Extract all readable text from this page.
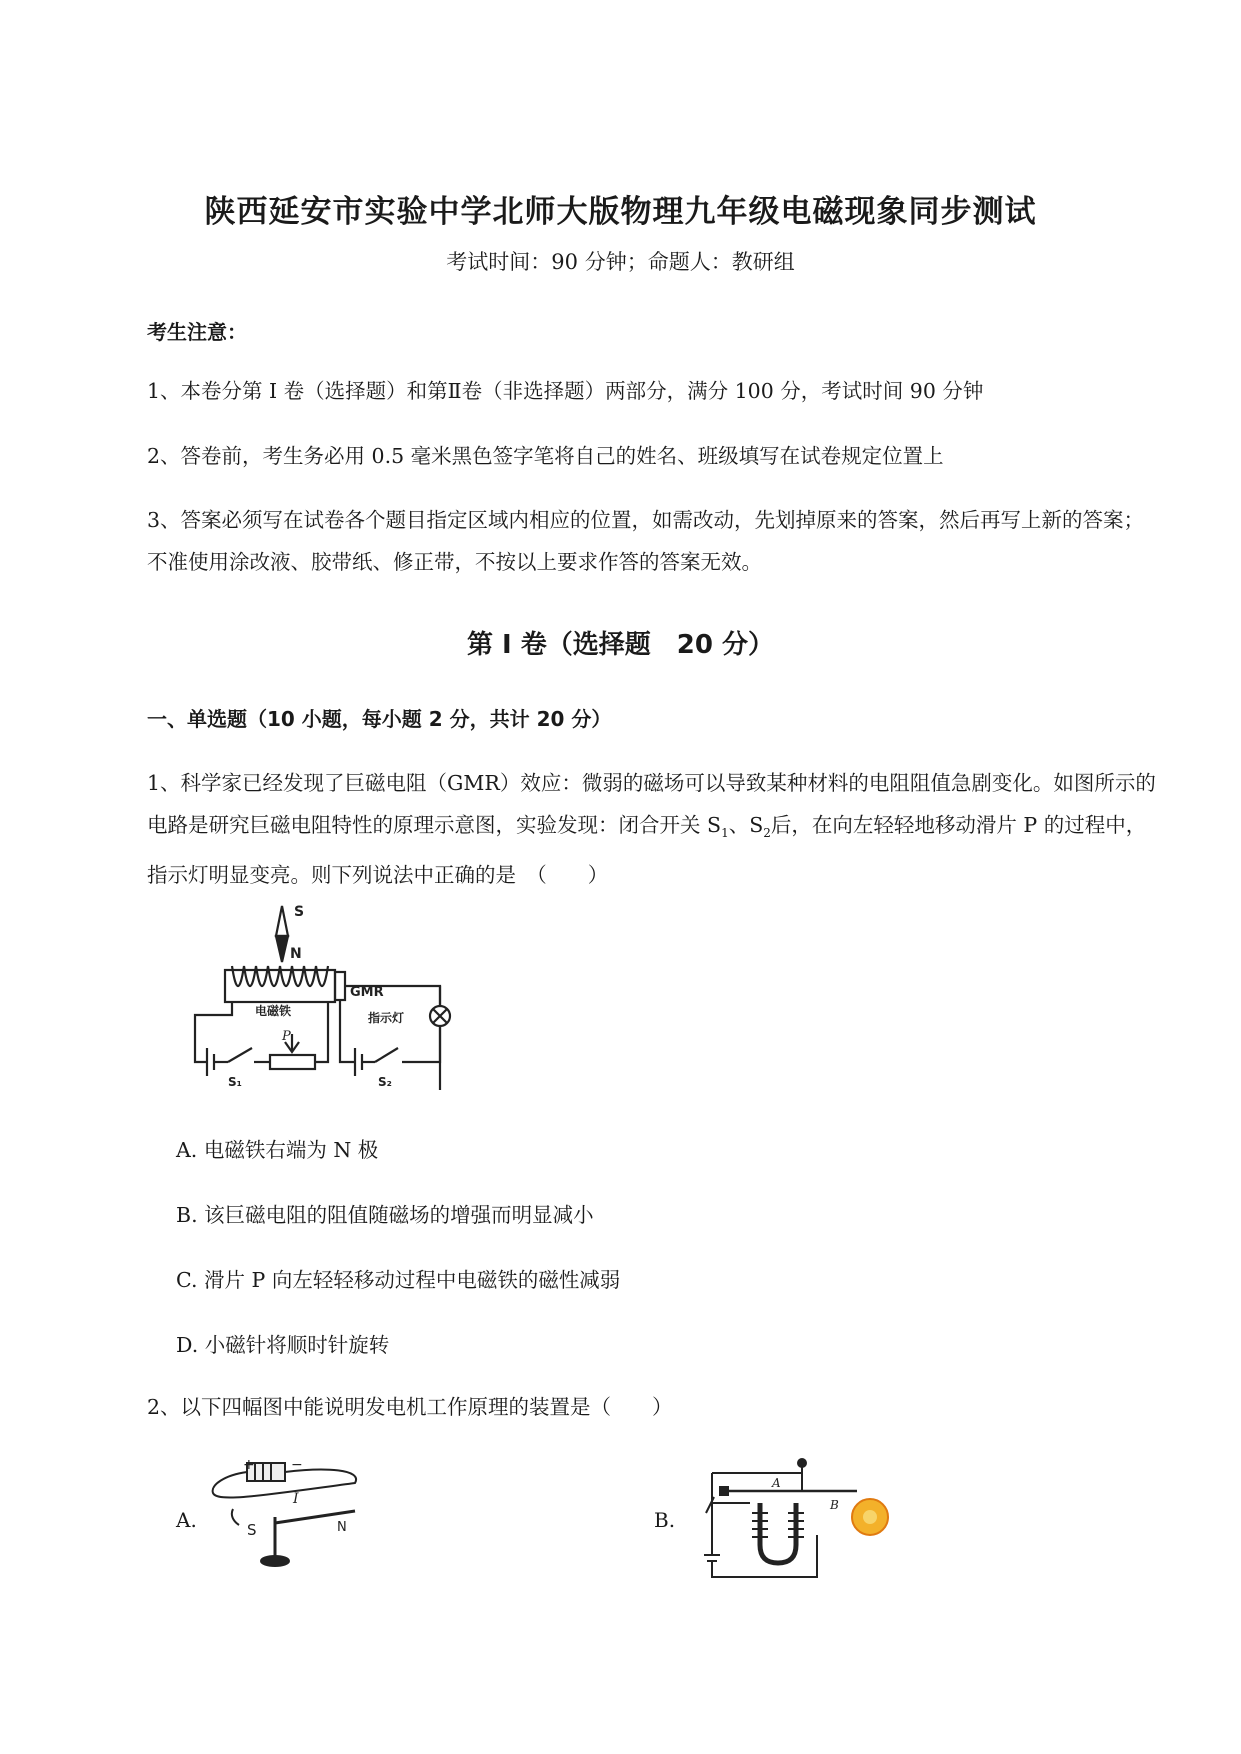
陕西延安市实验中学北师大版物理九年级电磁现象同步测试
考试时间：90 分钟；命题人：教研组
考生注意：
1、本卷分第 I 卷（选择题）和第Ⅱ卷（非选择题）两部分，满分 100 分，考试时间 90 分钟
2、答卷前，考生务必用 0.5 毫米黑色签字笔将自己的姓名、班级填写在试卷规定位置上
3、答案必须写在试卷各个题目指定区域内相应的位置，如需改动，先划掉原来的答案，然后再写上新的答案；不准使用涂改液、胶带纸、修正带，不按以上要求作答的答案无效。
第 I 卷（选择题　20 分）
一、单选题（10 小题，每小题 2 分，共计 20 分）
1、科学家已经发现了巨磁电阻（GMR）效应：微弱的磁场可以导致某种材料的电阻阻值急剧变化。如图所示的电路是研究巨磁电阻特性的原理示意图，实验发现：闭合开关 $S_1$、$S_2$后，在向左轻轻地移动滑片 P 的过程中，指示灯明显变亮。则下列说法中正确的是　（　　）
S
N
GMR
电磁铁	指示灯
P
S₁	S₂
A. 电磁铁右端为 N 极
B. 该巨磁电阻的阻值随磁场的增强而明显减小
C. 滑片 P 向左轻轻移动过程中电磁铁的磁性减弱
D. 小磁针将顺时针旋转
2、以下四幅图中能说明发电机工作原理的装置是（　　）
A.
+	−
I
S	N	B.
A
B
